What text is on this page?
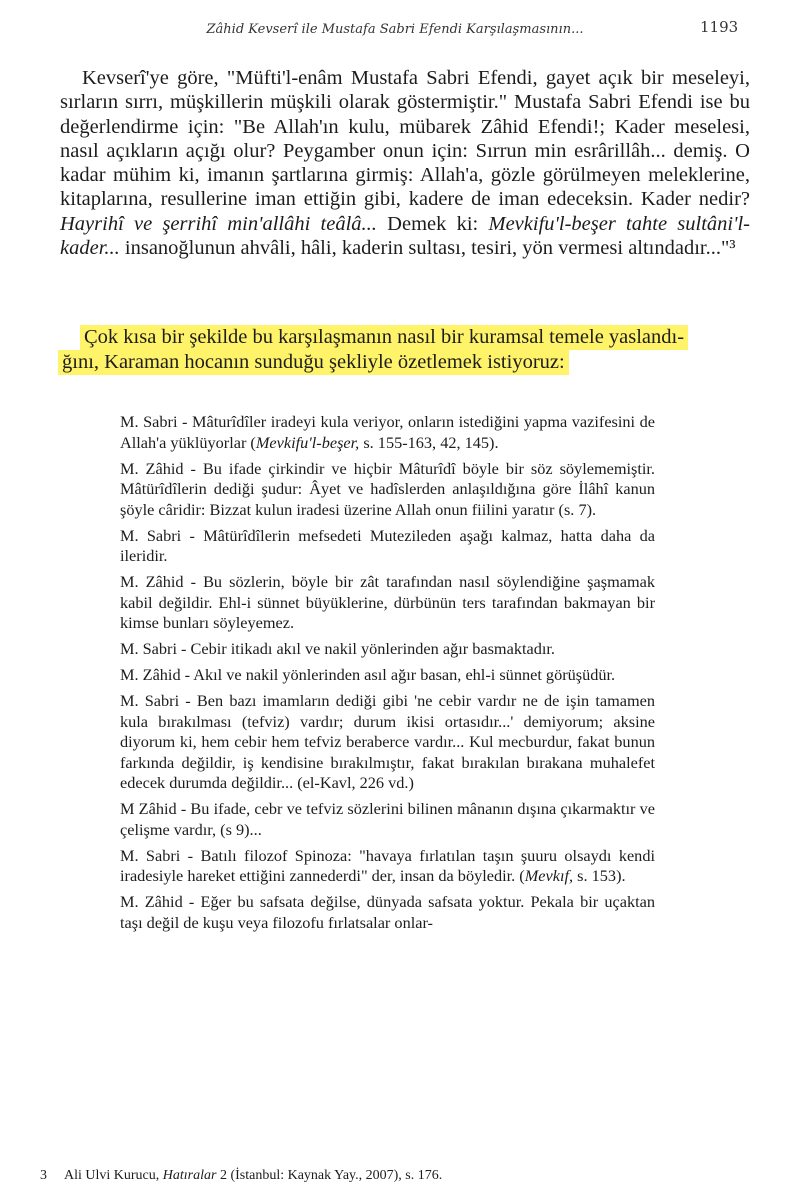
Zâhid Kevserî ile Mustafa Sabri Efendi Karşılaşmasının...	1193
Kevserî'ye göre, "Müfti'l-enâm Mustafa Sabri Efendi, gayet açık bir meseleyi, sırların sırrı, müşkillerin müşkili olarak göstermiştir." Mustafa Sabri Efendi ise bu değerlendirme için: "Be Allah'ın kulu, mübarek Zâhid Efendi!; Kader meselesi, nasıl açıkların açığı olur? Peygamber onun için: Sırrun min esrârillâh... demiş. O kadar mühim ki, imanın şartlarına girmiş: Allah'a, gözle görülmeyen meleklerine, kitaplarına, resullerine iman ettiğin gibi, kadere de iman edeceksin. Kader nedir? Hayrihî ve şerrihî min'allâhi teâlâ... Demek ki: Mevkifu'l-beşer tahte sultâni'l-kader... insanoğlunun ahvâli, hâli, kaderin sultası, tesiri, yön vermesi altındadır..."³
Çok kısa bir şekilde bu karşılaşmanın nasıl bir kuramsal temele yaslandı-
ğını, Karaman hocanın sunduğu şekliyle özetlemek istiyoruz:

M. Sabri - Mâturîdîler iradeyi kula veriyor, onların istediğini yapma vazifesini de Allah'a yüklüyorlar (Mevkifu'l-beşer, s. 155-163, 42, 145).

M. Zâhid - Bu ifade çirkindir ve hiçbir Mâturîdî böyle bir söz söylememiştir. Mâtürîdîlerin dediği şudur: Âyet ve hadîslerden anlaşıldığına göre İlâhî kanun şöyle câridir: Bizzat kulun iradesi üzerine Allah onun fiilini yaratır (s. 7).

M. Sabri - Mâtürîdîlerin mefsedeti Mutezileden aşağı kalmaz, hatta daha da ileridir.

M. Zâhid - Bu sözlerin, böyle bir zât tarafından nasıl söylendiğine şaşmamak kabil değildir. Ehl-i sünnet büyüklerine, dürbünün ters tarafından bakmayan bir kimse bunları söyleyemez.

M. Sabri - Cebir itikadı akıl ve nakil yönlerinden ağır basmaktadır.

M. Zâhid - Akıl ve nakil yönlerinden asıl ağır basan, ehl-i sünnet görüşüdür.

M. Sabri - Ben bazı imamların dediği gibi 'ne cebir vardır ne de işin tamamen kula bırakılması (tefviz) vardır; durum ikisi ortasıdır...' demiyorum; aksine diyorum ki, hem cebir hem tefviz beraberce vardır... Kul mecburdur, fakat bunun farkında değildir, iş kendisine bırakılmıştır, fakat bırakılan bırakana muhalefet edecek durumda değildir... (el-Kavl, 226 vd.)

M Zâhid - Bu ifade, cebr ve tefviz sözlerini bilinen mânanın dışına çıkarmaktır ve çelişme vardır, (s 9)...

M. Sabri - Batılı filozof Spinoza: "havaya fırlatılan taşın şuuru olsaydı kendi iradesiyle hareket ettiğini zannederdi" der, insan da böyledir. (Mevkıf, s. 153).

M. Zâhid - Eğer bu safsata değilse, dünyada safsata yoktur. Pekala bir uçaktan taşı değil de kuşu veya filozofu fırlatsalar onlar-

3 Ali Ulvi Kurucu, Hatıralar 2 (İstanbul: Kaynak Yay., 2007), s. 176.
